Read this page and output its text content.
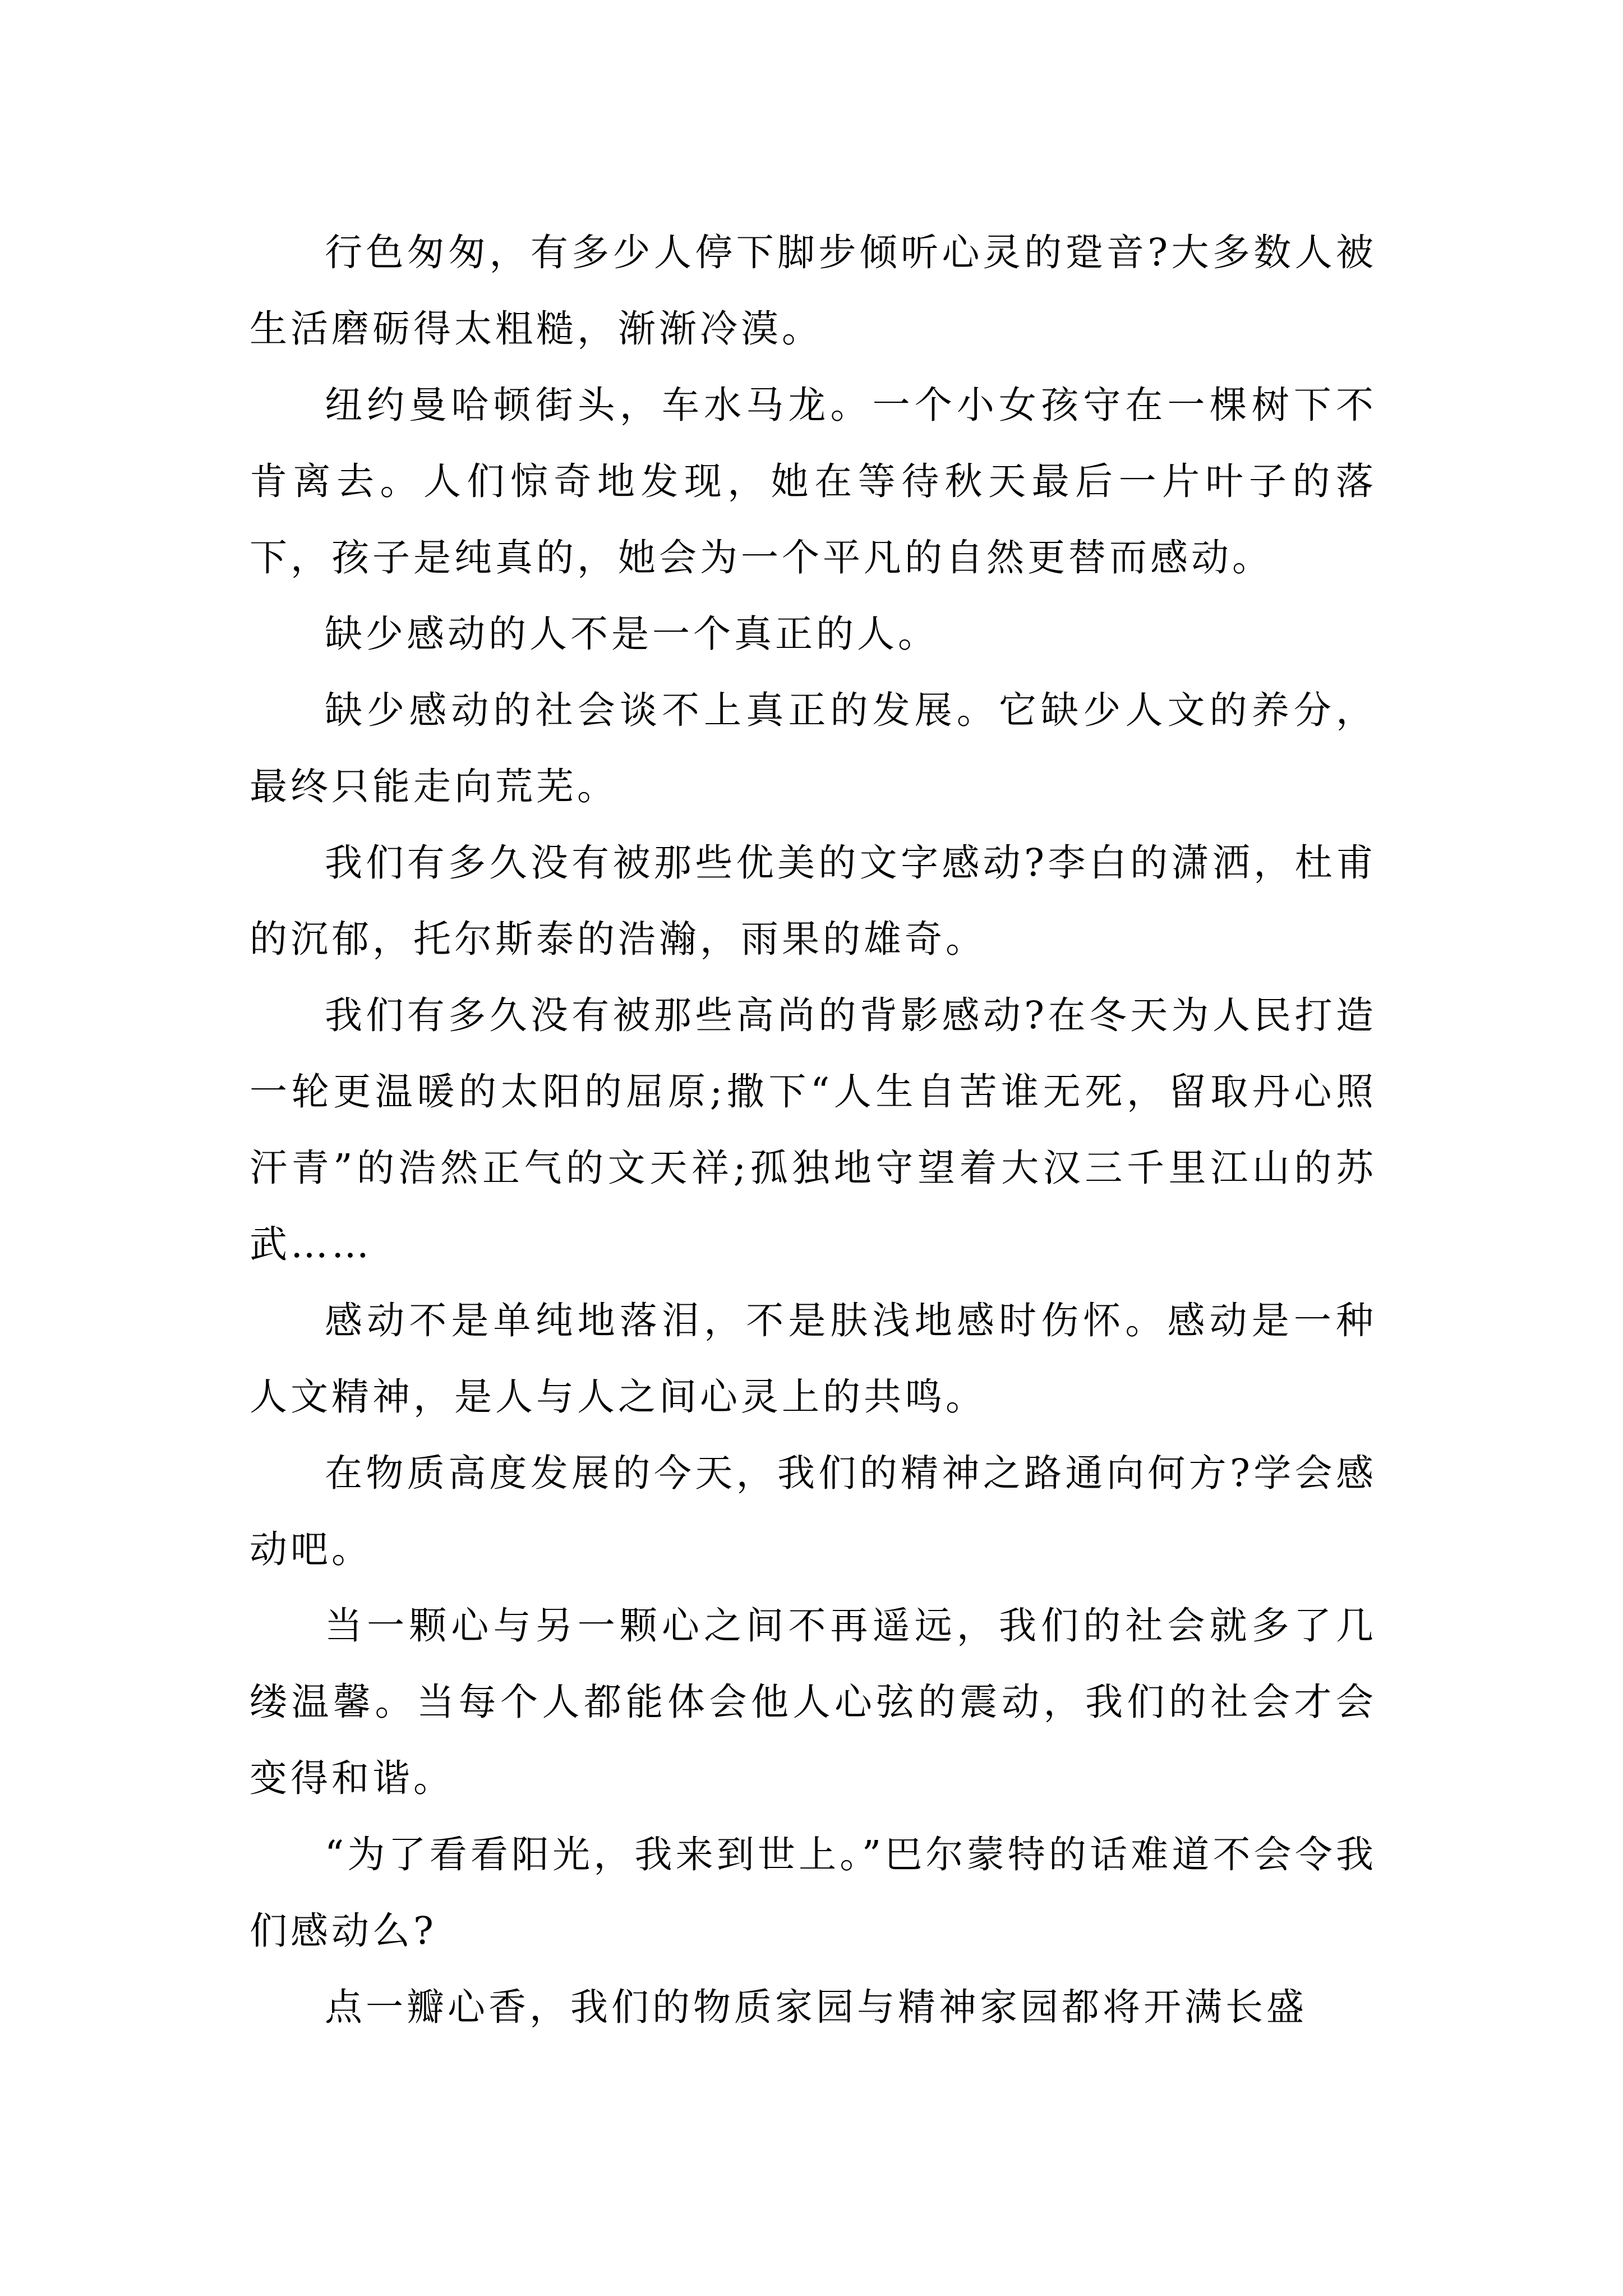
行色匆匆，有多少人停下脚步倾听心灵的跫音?大多数人被生活磨砺得太粗糙，渐渐冷漠。

纽约曼哈顿街头，车水马龙。一个小女孩守在一棵树下不肯离去。人们惊奇地发现，她在等待秋天最后一片叶子的落下，孩子是纯真的，她会为一个平凡的自然更替而感动。

缺少感动的人不是一个真正的人。

缺少感动的社会谈不上真正的发展。它缺少人文的养分，最终只能走向荒芜。

我们有多久没有被那些优美的文字感动?李白的潇洒，杜甫的沉郁，托尔斯泰的浩瀚，雨果的雄奇。

我们有多久没有被那些高尚的背影感动?在冬天为人民打造一轮更温暖的太阳的屈原;撒下“人生自苦谁无死，留取丹心照汗青”的浩然正气的文天祥;孤独地守望着大汉三千里江山的苏武……

感动不是单纯地落泪，不是肤浅地感时伤怀。感动是一种人文精神，是人与人之间心灵上的共鸣。

在物质高度发展的今天，我们的精神之路通向何方?学会感动吧。

当一颗心与另一颗心之间不再遥远，我们的社会就多了几缕温馨。当每个人都能体会他人心弦的震动，我们的社会才会变得和谐。

“为了看看阳光，我来到世上。”巴尔蒙特的话难道不会令我们感动么?

点一瓣心香，我们的物质家园与精神家园都将开满长盛
